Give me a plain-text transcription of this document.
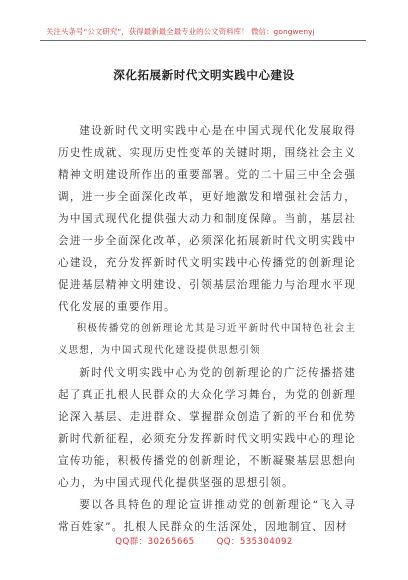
关注头条号“公文研究”，获得最新最全最专业的公文资料库！ 微信：gongwenyj
深化拓展新时代文明实践中心建设

建设新时代文明实践中心是在中国式现代化发展取得历史性成就、实现历史性变革的关键时期，围绕社会主义精神文明建设所作出的重要部署。党的二十届三中全会强调，进一步全面深化改革，更好地激发和增强社会活力，为中国式现代化提供强大动力和制度保障。当前，基层社会进一步全面深化改革，必须深化拓展新时代文明实践中心建设，充分发挥新时代文明实践中心传播党的创新理论促进基层精神文明建设、引领基层治理能力与治理水平现代化发展的重要作用。

积极传播党的创新理论尤其是习近平新时代中国特色社会主义思想，为中国式现代化建设提供思想引领

新时代文明实践中心为党的创新理论的广泛传播搭建起了真正扎根人民群众的大众化学习舞台，为党的创新理论深入基层、走进群众、掌握群众创造了新的平台和优势新时代新征程，必须充分发挥新时代文明实践中心的理论宣传功能，积极传播党的创新理论，不断凝聚基层思想向心力，为中国式现代化提供坚强的思想引领。

要以各具特色的理论宣讲推动党的创新理论“飞入寻常百姓家”。扎根人民群众的生活深处，因地制宜、因材

QQ群：30265665	QQ：535304092
